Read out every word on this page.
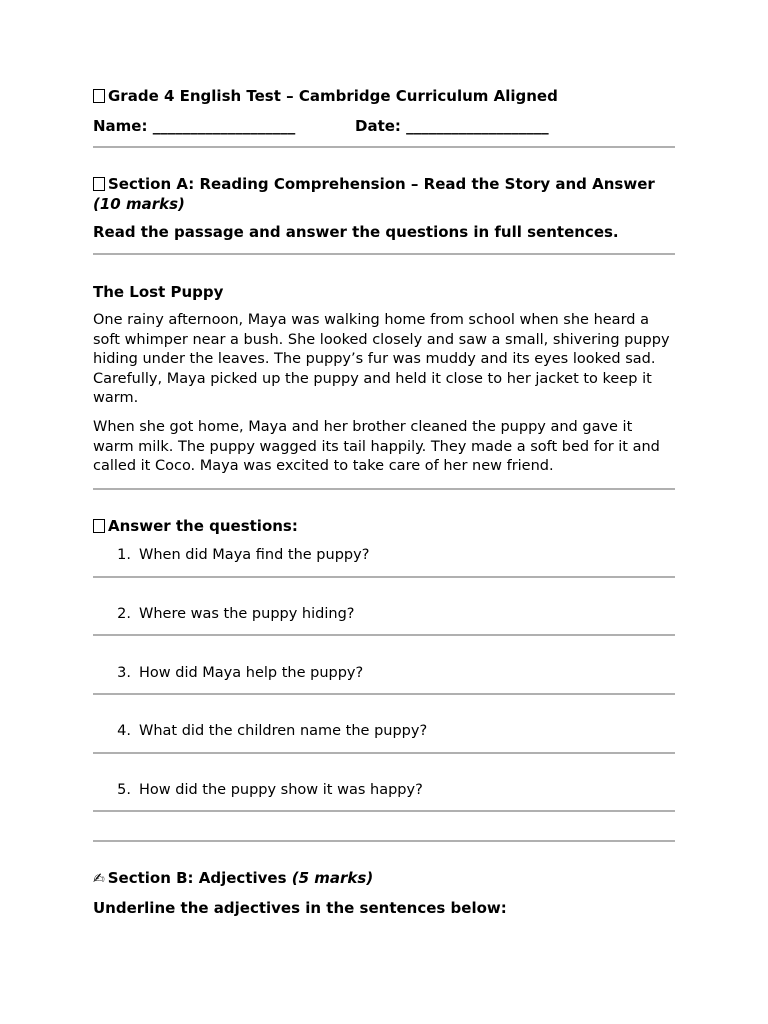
Grade 4 English Test – Cambridge Curriculum Aligned
Name: ___________________	Date: ___________________
Section A: Reading Comprehension – Read the Story and Answer
(10 marks)
Read the passage and answer the questions in full sentences.
The Lost Puppy
One rainy afternoon, Maya was walking home from school when she heard a soft whimper near a bush. She looked closely and saw a small, shivering puppy hiding under the leaves. The puppy’s fur was muddy and its eyes looked sad. Carefully, Maya picked up the puppy and held it close to her jacket to keep it warm.
When she got home, Maya and her brother cleaned the puppy and gave it warm milk. The puppy wagged its tail happily. They made a soft bed for it and called it Coco. Maya was excited to take care of her new friend.
Answer the questions:
1. When did Maya find the puppy?
2. Where was the puppy hiding?
3. How did Maya help the puppy?
4. What did the children name the puppy?
5. How did the puppy show it was happy?
✍ Section B: Adjectives (5 marks)
Underline the adjectives in the sentences below:
